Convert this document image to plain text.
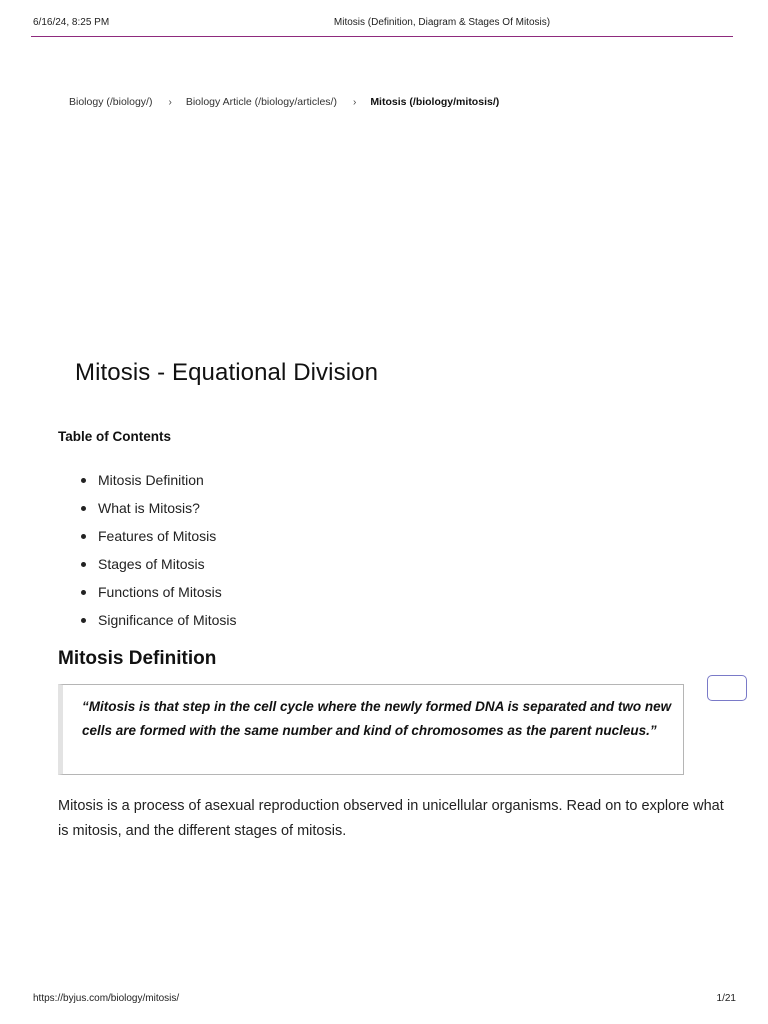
6/16/24, 8:25 PM	Mitosis (Definition, Diagram & Stages Of Mitosis)
Biology (/biology/) › Biology Article (/biology/articles/) › Mitosis (/biology/mitosis/)
Mitosis - Equational Division
Table of Contents
Mitosis Definition
What is Mitosis?
Features of Mitosis
Stages of Mitosis
Functions of Mitosis
Significance of Mitosis
Mitosis Definition

“Mitosis is that step in the cell cycle where the newly formed DNA is separated and two new cells are formed with the same number and kind of chromosomes as the parent nucleus.”

Mitosis is a process of asexual reproduction observed in unicellular organisms. Read on to explore what is mitosis, and the different stages of mitosis.

https://byjus.com/biology/mitosis/	1/21
